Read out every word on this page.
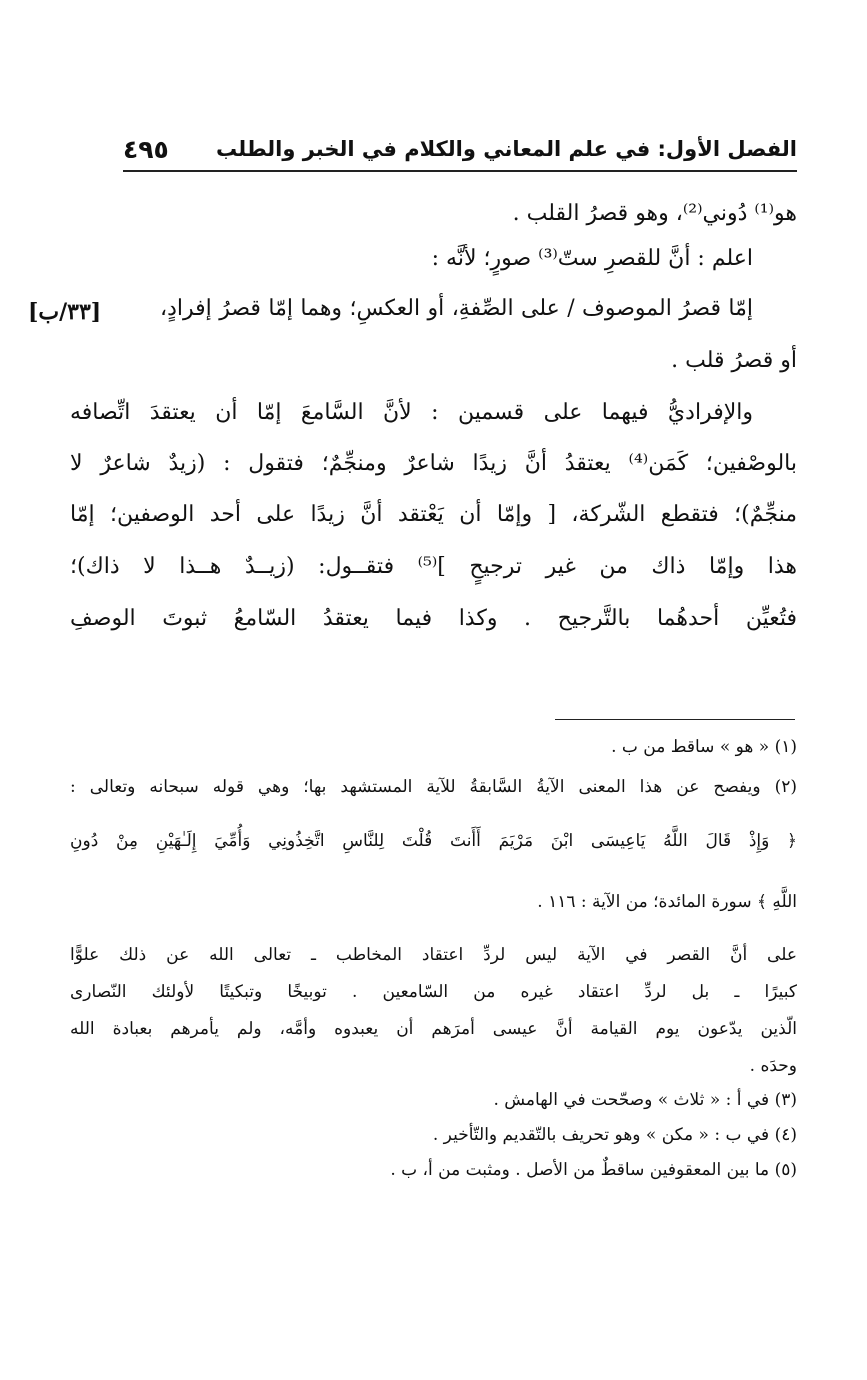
الفصل الأول: في علم المعاني والكلام في الخبر والطلب
٤٩٥
[٣٣/ب]
هو⁽¹⁾ دُوني⁽²⁾، وهو قصرُ القلب .
اعلم : أنَّ للقصرِ ستّ⁽³⁾ صورٍ؛ لأنَّه :
إمّا قصرُ الموصوف / على الصِّفةِ، أو العكسِ؛ وهما إمّا قصرُ إفرادٍ،
أو قصرُ قلب .
والإفراديُّ فيهما على قسمين : لأنَّ السَّامعَ إمّا أن يعتقدَ اتِّصافه
بالوصْفين؛ كَمَن⁽⁴⁾ يعتقدُ أنَّ زيدًا شاعرٌ ومنجِّمٌ؛ فتقول : (زيدٌ شاعرٌ لا
منجِّمٌ)؛ فتقطع الشّركة، [ وإمّا أن يَعْتقد أنَّ زيدًا على أحد الوصفين؛ إمّا
هذا وإمّا ذاك من غير ترجيحٍ ]⁽⁵⁾ فتقــول: (زيــدٌ هــذا لا ذاك)؛
فتُعيِّن أحدهُما بالتَّرجيح . وكذا فيما يعتقدُ السّامعُ ثبوتَ الوصفِ
(١) « هو » ساقط من ب .
(٢) ويفصح عن هذا المعنى الآيةُ السَّابقةُ للآية المستشهد بها؛ وهي قوله سبحانه وتعالى :
﴿ وَإِذْ قَالَ اللَّهُ يَاعِيسَى ابْنَ مَرْيَمَ أَأَنتَ قُلْتَ لِلنَّاسِ اتَّخِذُونِي وَأُمِّيَ إِلَـٰهَيْنِ مِنْ دُونِ
اللَّهِ ﴾ سورة المائدة؛ من الآية : ١١٦ .
على أنَّ القصر في الآية ليس لردِّ اعتقاد المخاطب ـ تعالى الله عن ذلك علوًّا
كبيرًا ـ بل لردِّ اعتقاد غيره من السّامعين . توبيخًا وتبكيتًا لأولئك النّصارى
الّذين يدّعون يوم القيامة أنَّ عيسى أمرَهم أن يعبدوه وأمَّه، ولم يأمرهم بعبادة الله
وحدَه .
(٣) في أ : « ثلاث » وصحّحت في الهامش .
(٤) في ب : « مكن » وهو تحريف بالتّقديم والتّأخير .
(٥) ما بين المعقوفين ساقطٌ من الأصل . ومثبت من أ، ب .
